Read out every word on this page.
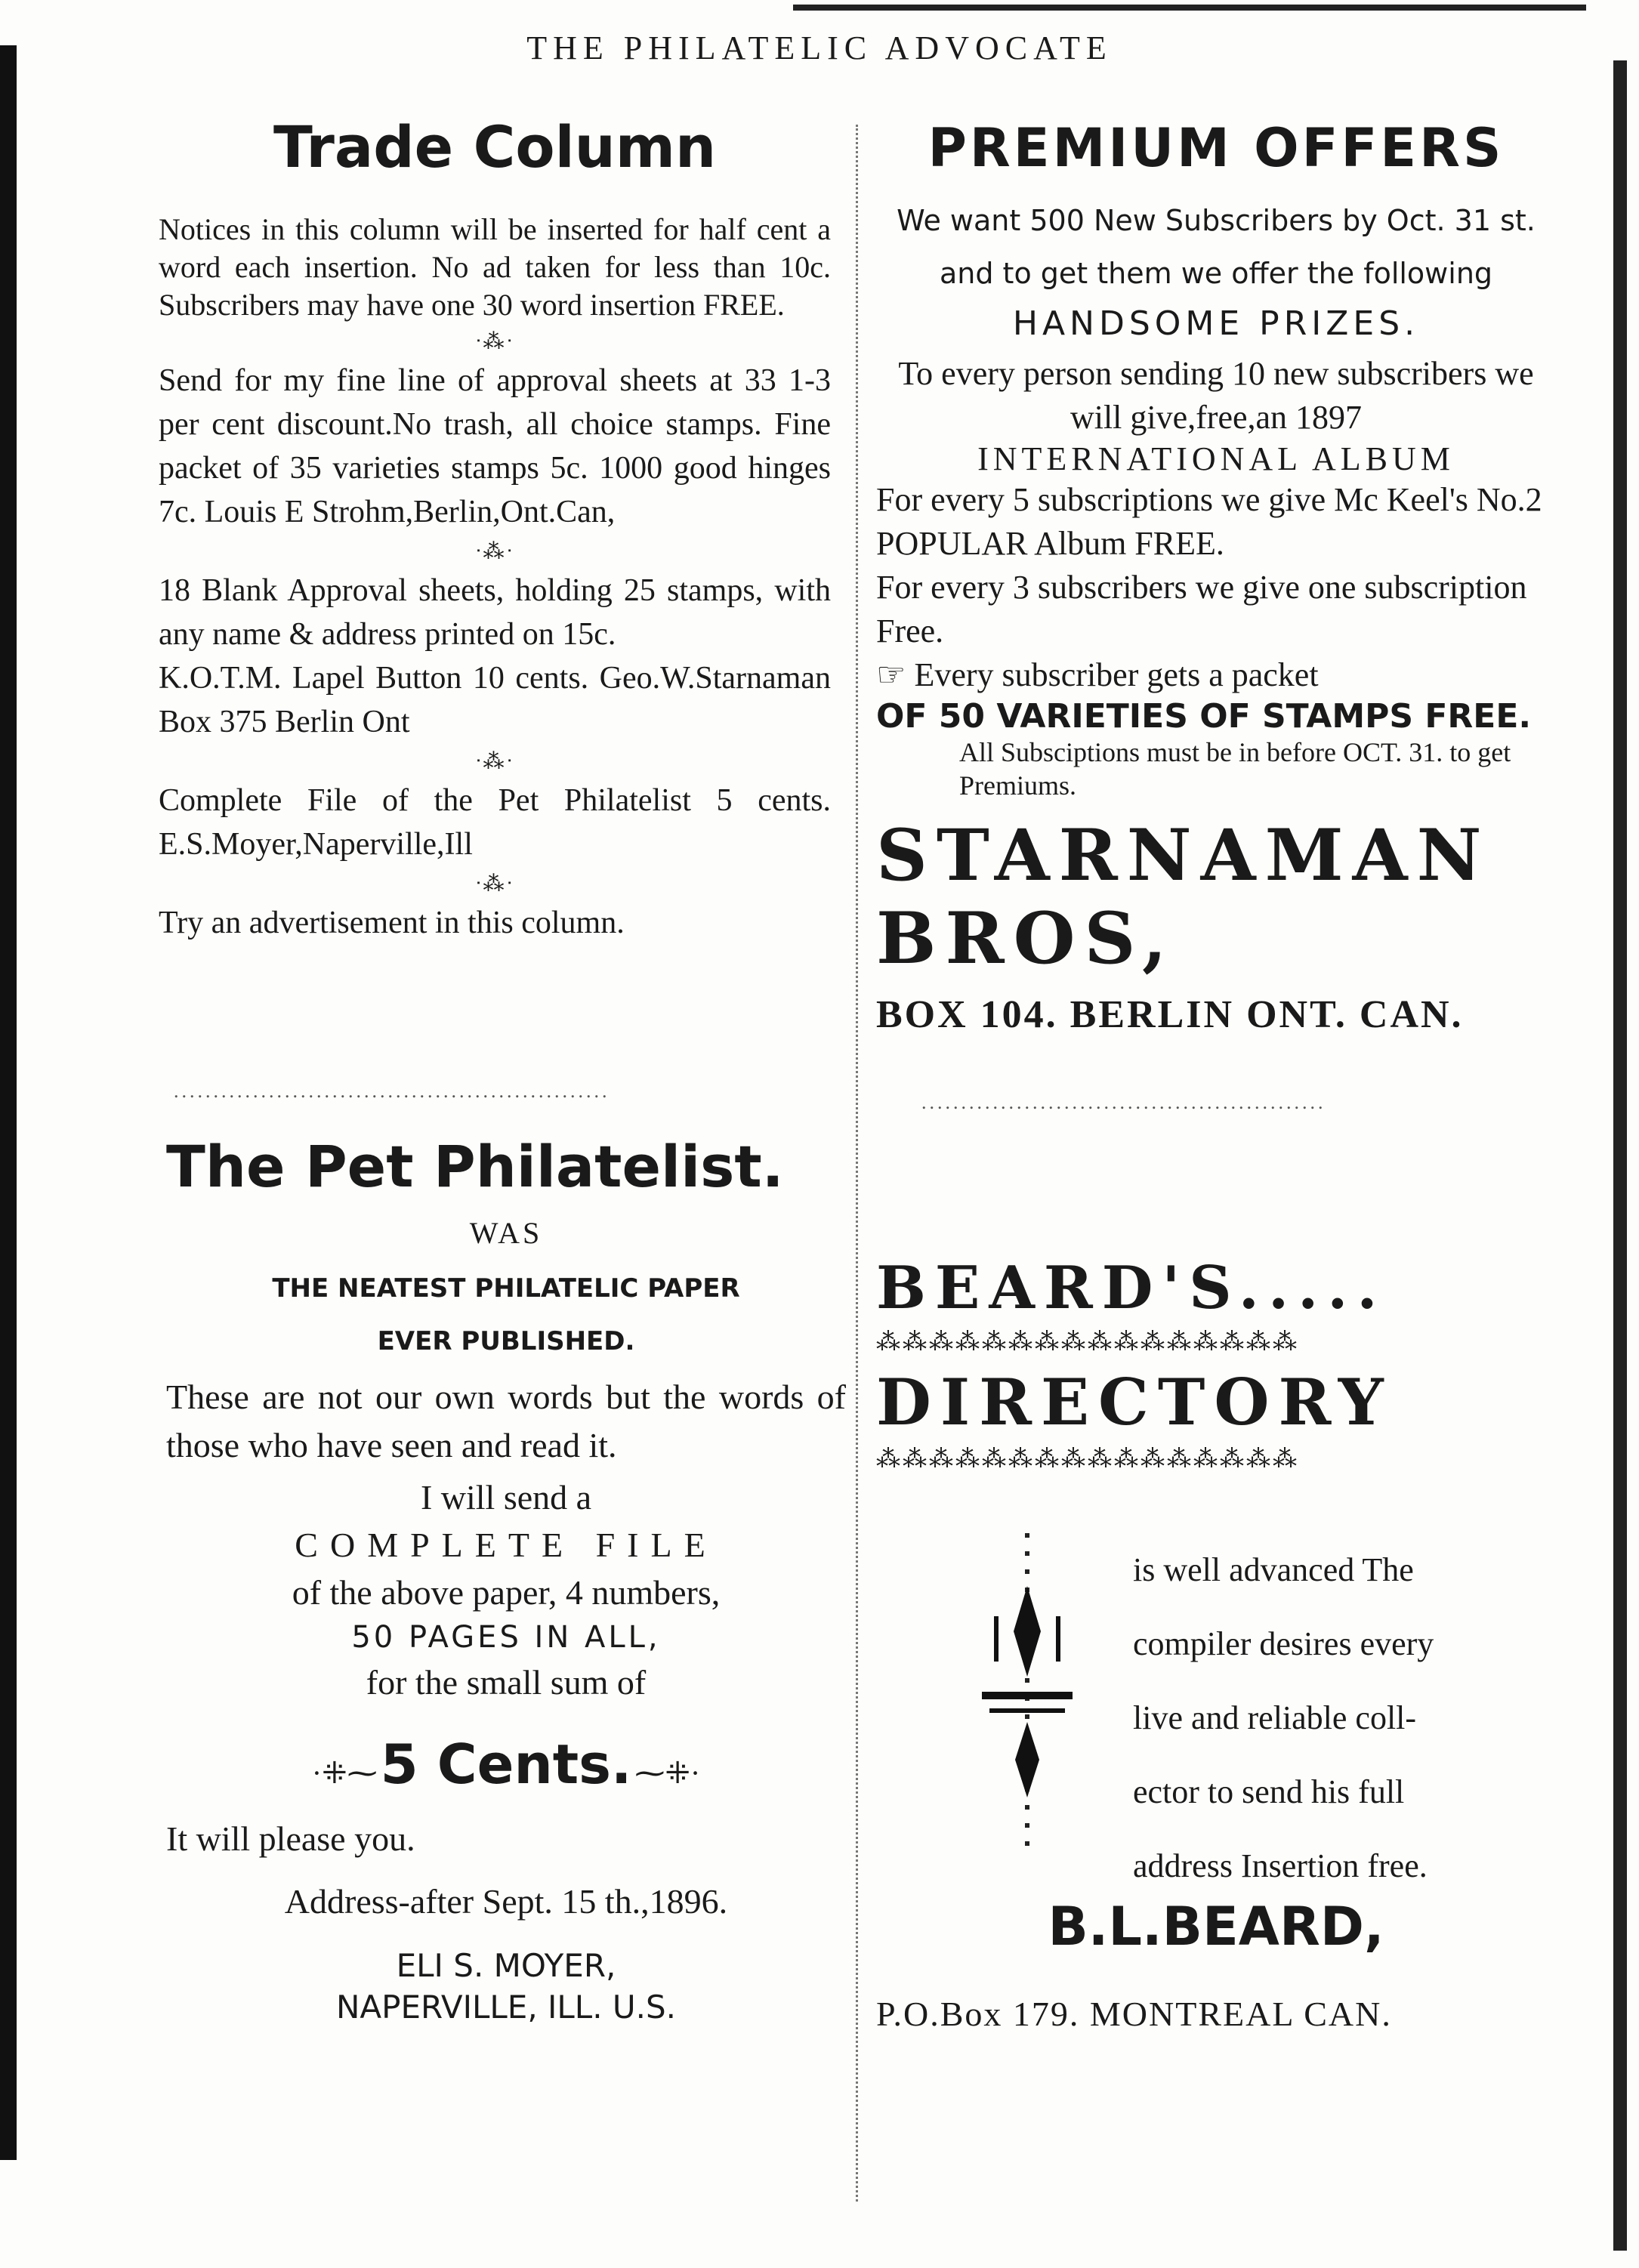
THE PHILATELIC ADVOCATE
Trade Column

Notices in this column will be inserted for half cent a word each insertion. No ad taken for less than 10c. Subscribers may have one 30 word insertion FREE.

ᐧ⁂ᐧ

Send for my fine line of approval sheets at 33 1-3 per cent discount.No trash, all choice stamps. Fine packet of 35 varieties stamps 5c. 1000 good hinges 7c. Louis E Strohm,Berlin,Ont.Can,

ᐧ⁂ᐧ

18 Blank Approval sheets, holding 25 stamps, with any name & address printed on 15c.

K.O.T.M. Lapel Button 10 cents. Geo.W.Starnaman Box 375 Berlin Ont

ᐧ⁂ᐧ

Complete File of the Pet Philatelist 5 cents. E.S.Moyer,Naperville,Ill

ᐧ⁂ᐧ

Try an advertisement in this column.

.......................................................
PREMIUM OFFERS

We want 500 New Subscribers by Oct. 31 st. and to get them we offer the following

HANDSOME PRIZES.

To every person sending 10 new subscribers we will give,free,an 1897

INTERNATIONAL ALBUM

For every 5 subscriptions we give Mc Keel's No.2 POPULAR Album FREE.

For every 3 subscribers we give one subscription Free.

☞ Every subscriber gets a packet

OF 50 VARIETIES OF STAMPS FREE.

All Subsciptions must be in before OCT. 31. to get Premiums.

STARNAMAN BROS,
BOX 104. BERLIN ONT. CAN.
...................................................
The Pet Philatelist.
WAS
THE NEATEST PHILATELIC PAPER
EVER PUBLISHED.

These are not our own words but the words of those who have seen and read it.

I will send a
COMPLETE FILE
of the above paper, 4 numbers,
50 PAGES IN ALL,
for the small sum of
·⁜⁓ 5 Cents. ⁓⁜·
It will please you.
Address-after Sept. 15 th.,1896.
ELI S. MOYER,
NAPERVILLE, ILL. U.S.
BEARD'S.....
⁂⁂⁂⁂⁂⁂⁂⁂⁂⁂⁂⁂⁂⁂⁂⁂
DIRECTORY
⁂⁂⁂⁂⁂⁂⁂⁂⁂⁂⁂⁂⁂⁂⁂⁂
is well advanced The
compiler desires every
live and reliable coll-
ector to send his full
address Insertion free.
B.L.BEARD,
P.O.Box 179. MONTREAL CAN.
